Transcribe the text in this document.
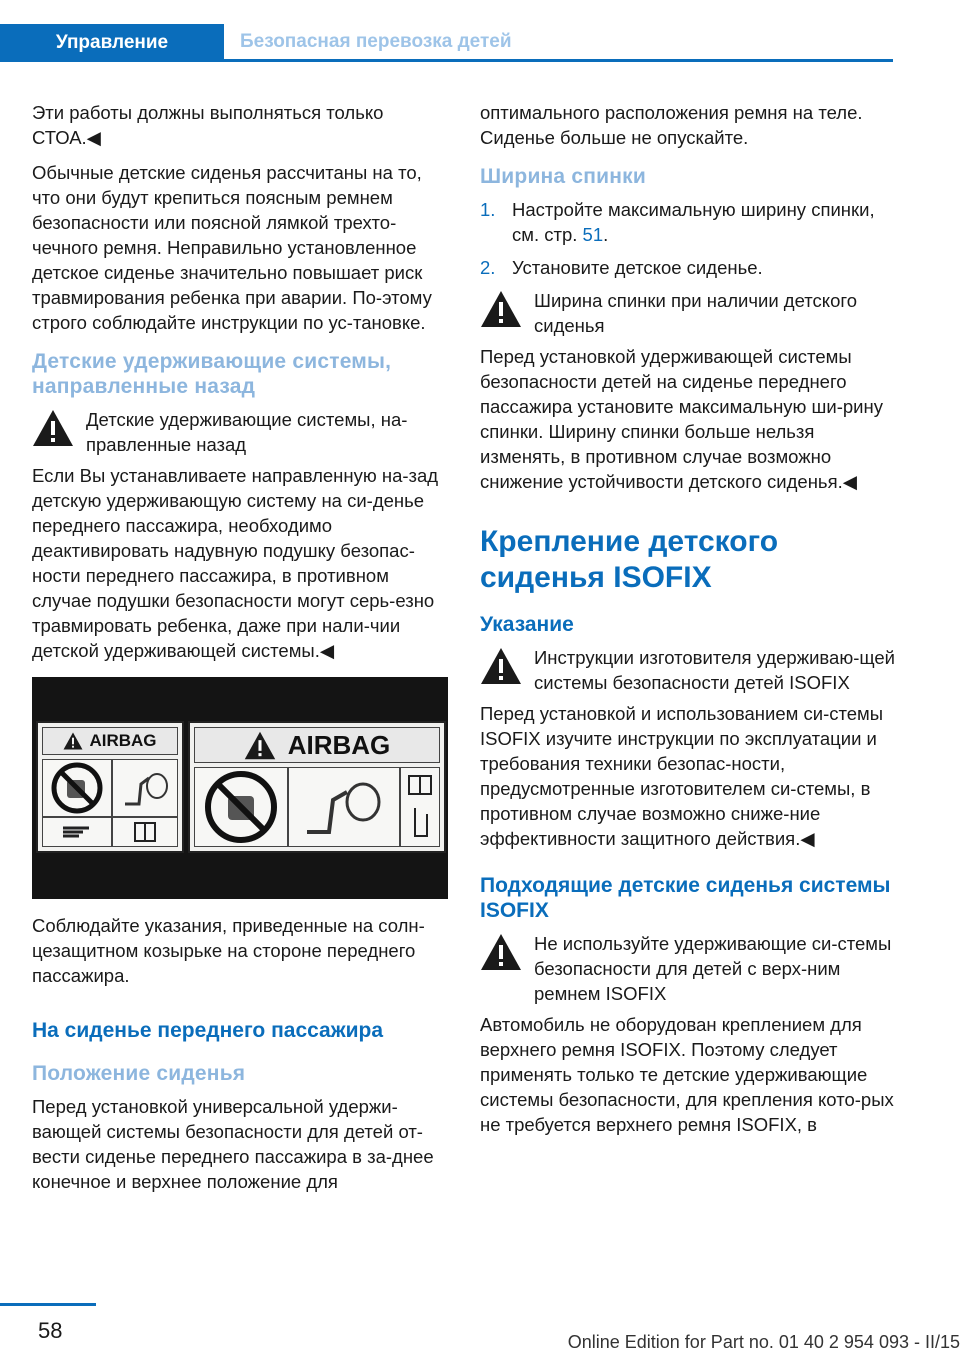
Управление	Безопасная перевозка детей

Эти работы должны выполняться только СТОА.◀

Обычные детские сиденья рассчитаны на то, что они будут крепиться поясным ремнем безопасности или поясной лямкой трехто-чечного ремня. Неправильно установленное детское сиденье значительно повышает риск травмирования ребенка при аварии. По-этому строго соблюдайте инструкции по ус-тановке.

Детские удерживающие системы, направленные назад
Детские удерживающие системы, на-правленные назад

Если Вы устанавливаете направленную на-зад детскую удерживающую систему на си-денье переднего пассажира, необходимо деактивировать надувную подушку безопас-ности переднего пассажира, в противном случае подушки безопасности могут серь-езно травмировать ребенка, даже при нали-чии детской удерживающей системы.◀

AIRBAG	AIRBAG

Соблюдайте указания, приведенные на солн-цезащитном козырьке на стороне переднего пассажира.

На сиденье переднего пассажира
Положение сиденья

Перед установкой универсальной удержи-вающей системы безопасности для детей от-вести сиденье переднего пассажира в за-днее конечное и верхнее положение для

оптимального расположения ремня на теле. Сиденье больше не опускайте.

Ширина спинки
1. Настройте максимальную ширину спинки, см. стр. 51.
2. Установите детское сиденье.
Ширина спинки при наличии детского сиденья

Перед установкой удерживающей системы безопасности детей на сиденье переднего пассажира установите максимальную ши-рину спинки. Ширину спинки больше нельзя изменять, в противном случае возможно снижение устойчивости детского сиденья.◀

Крепление детского сиденья ISOFIX
Указание
Инструкции изготовителя удерживаю-щей системы безопасности детей ISOFIX

Перед установкой и использованием си-стемы ISOFIX изучите инструкции по эксплуатации и требования техники безопас-ности, предусмотренные изготовителем си-стемы, в противном случае возможно сниже-ние эффективности защитного действия.◀

Подходящие детские сиденья системы ISOFIX
Не используйте удерживающие си-стемы безопасности для детей с верх-ним ремнем ISOFIX

Автомобиль не оборудован креплением для верхнего ремня ISOFIX. Поэтому следует применять только те детские удерживающие системы безопасности, для крепления кото-рых не требуется верхнего ремня ISOFIX, в

58	Online Edition for Part no. 01 40 2 954 093 - II/15
